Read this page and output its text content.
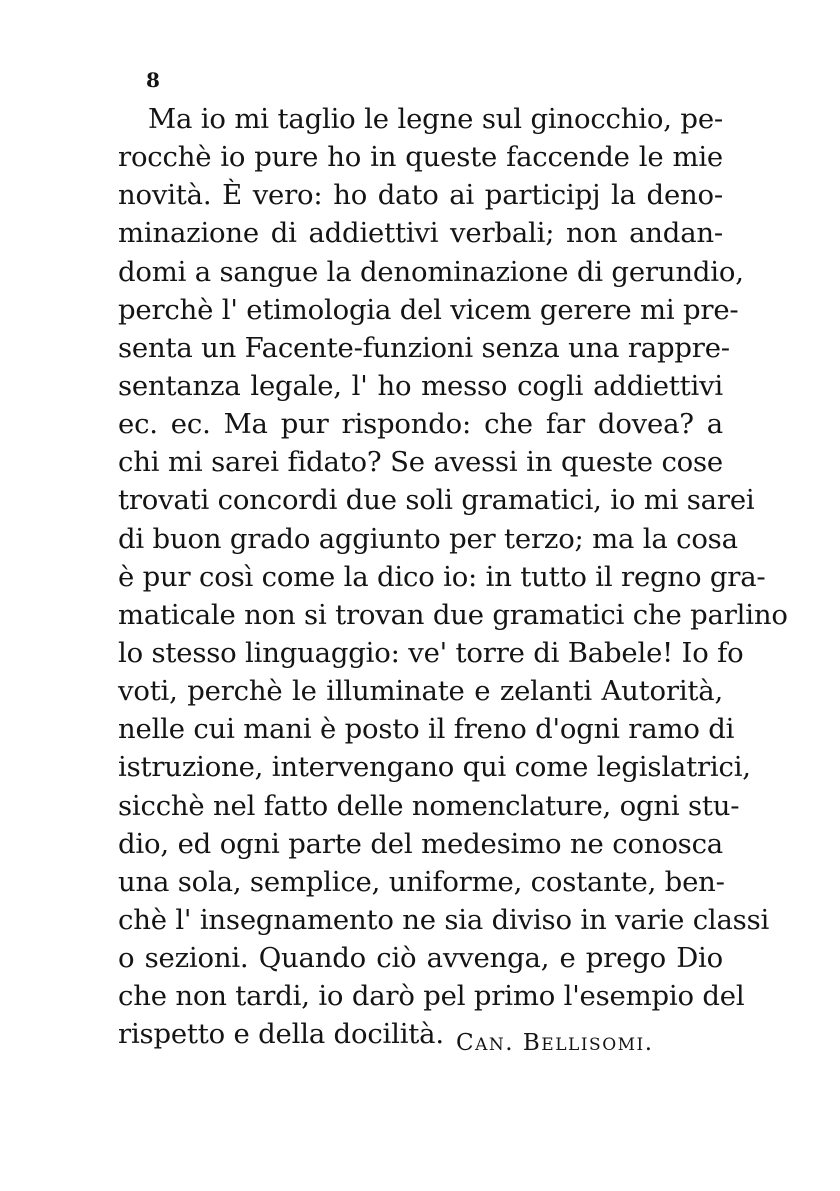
8
Ma io mi taglio le legne sul ginocchio, pe-
rocchè io pure ho in queste faccende le mie
novità. È vero: ho dato ai participj la deno-
minazione di addiettivi verbali; non andan-
domi a sangue la denominazione di gerundio,
perchè l' etimologia del vicem gerere mi pre-
senta un Facente-funzioni senza una rappre-
sentanza legale, l' ho messo cogli addiettivi
ec. ec. Ma pur rispondo: che far dovea? a
chi mi sarei fidato? Se avessi in queste cose
trovati concordi due soli gramatici, io mi sarei
di buon grado aggiunto per terzo; ma la cosa
è pur così come la dico io: in tutto il regno gra-
maticale non si trovan due gramatici che parlino
lo stesso linguaggio: ve' torre di Babele! Io fo
voti, perchè le illuminate e zelanti Autorità,
nelle cui mani è posto il freno d'ogni ramo di
istruzione, intervengano qui come legislatrici,
sicchè nel fatto delle nomenclature, ogni stu-
dio, ed ogni parte del medesimo ne conosca
una sola, semplice, uniforme, costante, ben-
chè l' insegnamento ne sia diviso in varie classi
o sezioni. Quando ciò avvenga, e prego Dio
che non tardi, io darò pel primo l'esempio del
rispetto e della docilità. CAN. BELLISOMI.
